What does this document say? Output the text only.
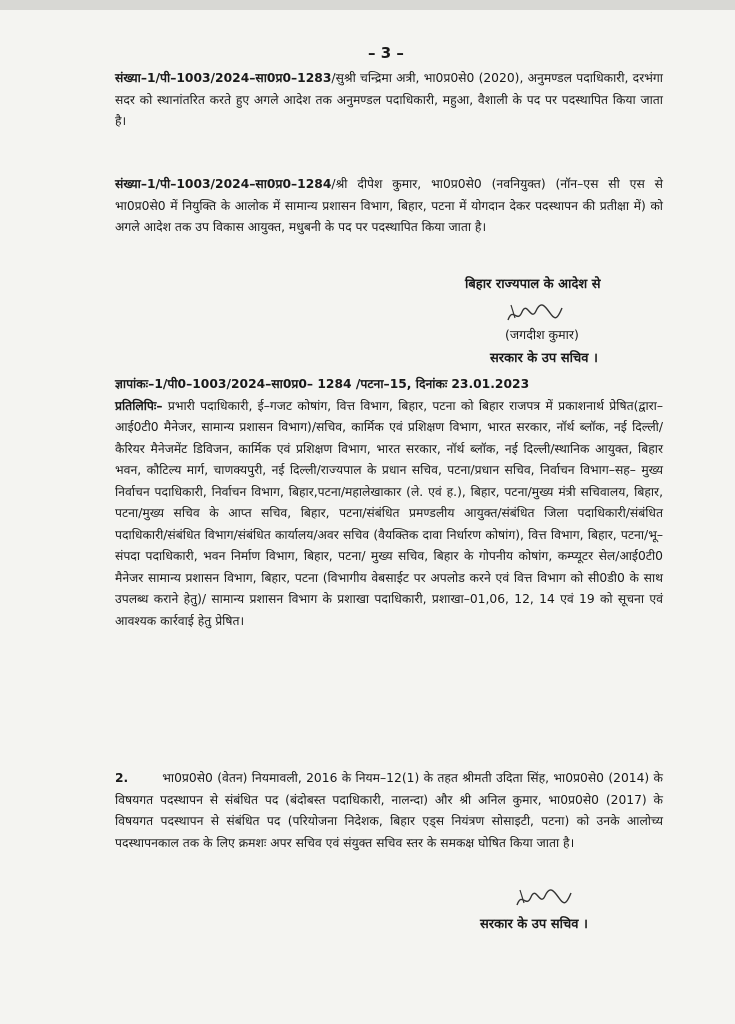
– 3 –

संख्या–1/पी–1003/2024–सा0प्र0–1283/सुश्री चन्द्रिमा अत्री, भा0प्र0से0 (2020), अनुमण्डल पदाधिकारी, दरभंगा सदर को स्थानांतरित करते हुए अगले आदेश तक अनुमण्डल पदाधिकारी, महुआ, वैशाली के पद पर पदस्थापित किया जाता है।

संख्या–1/पी–1003/2024–सा0प्र0–1284/श्री दीपेश कुमार, भा0प्र0से0 (नवनियुक्त) (नॉन–एस सी एस से भा0प्र0से0 में नियुक्ति के आलोक में सामान्य प्रशासन विभाग, बिहार, पटना में योगदान देकर पदस्थापन की प्रतीक्षा में) को अगले आदेश तक उप विकास आयुक्त, मधुबनी के पद पर पदस्थापित किया जाता है।

बिहार राज्यपाल के आदेश से
(जगदीश कुमार)
सरकार के उप सचिव ।

ज्ञापांकः–1/पी0–1003/2024–सा0प्र0– 1284 /पटना–15, दिनांकः 23.01.2023
प्रतिलिपिः– प्रभारी पदाधिकारी, ई–गजट कोषांग, वित्त विभाग, बिहार, पटना को बिहार राजपत्र में प्रकाशनार्थ प्रेषित(द्वारा–आई0टी0 मैनेजर, सामान्य प्रशासन विभाग)/सचिव, कार्मिक एवं प्रशिक्षण विभाग, भारत सरकार, नॉर्थ ब्लॉक, नई दिल्ली/कैरियर मैनेजमेंट डिविजन, कार्मिक एवं प्रशिक्षण विभाग, भारत सरकार, नॉर्थ ब्लॉक, नई दिल्ली/स्थानिक आयुक्त, बिहार भवन, कौटिल्य मार्ग, चाणक्यपुरी, नई दिल्ली/राज्यपाल के प्रधान सचिव, पटना/प्रधान सचिव, निर्वाचन विभाग–सह– मुख्य निर्वाचन पदाधिकारी, निर्वाचन विभाग, बिहार,पटना/महालेखाकार (ले. एवं ह.), बिहार, पटना/मुख्य मंत्री सचिवालय, बिहार, पटना/मुख्य सचिव के आप्त सचिव, बिहार, पटना/संबंधित प्रमण्डलीय आयुक्त/संबंधित जिला पदाधिकारी/संबंधित पदाधिकारी/संबंधित विभाग/संबंधित कार्यालय/अवर सचिव (वैयक्तिक दावा निर्धारण कोषांग), वित्त विभाग, बिहार, पटना/भू–संपदा पदाधिकारी, भवन निर्माण विभाग, बिहार, पटना/ मुख्य सचिव, बिहार के गोपनीय कोषांग, कम्प्यूटर सेल/आई0टी0 मैनेजर सामान्य प्रशासन विभाग, बिहार, पटना (विभागीय वेबसाईट पर अपलोड करने एवं वित्त विभाग को सी0डी0 के साथ उपलब्ध कराने हेतु)/ सामान्य प्रशासन विभाग के प्रशाखा पदाधिकारी, प्रशाखा–01,06, 12, 14 एवं 19 को सूचना एवं आवश्यक कार्रवाई हेतु प्रेषित।

2.	भा0प्र0से0 (वेतन) नियमावली, 2016 के नियम–12(1) के तहत श्रीमती उदिता सिंह, भा0प्र0से0 (2014) के विषयगत पदस्थापन से संबंधित पद (बंदोबस्त पदाधिकारी, नालन्दा) और श्री अनिल कुमार, भा0प्र0से0 (2017) के विषयगत पदस्थापन से संबंधित पद (परियोजना निदेशक, बिहार एड्स नियंत्रण सोसाइटी, पटना) को उनके आलोच्य पदस्थापनकाल तक के लिए क्रमशः अपर सचिव एवं संयुक्त सचिव स्तर के समकक्ष घोषित किया जाता है।

सरकार के उप सचिव ।
